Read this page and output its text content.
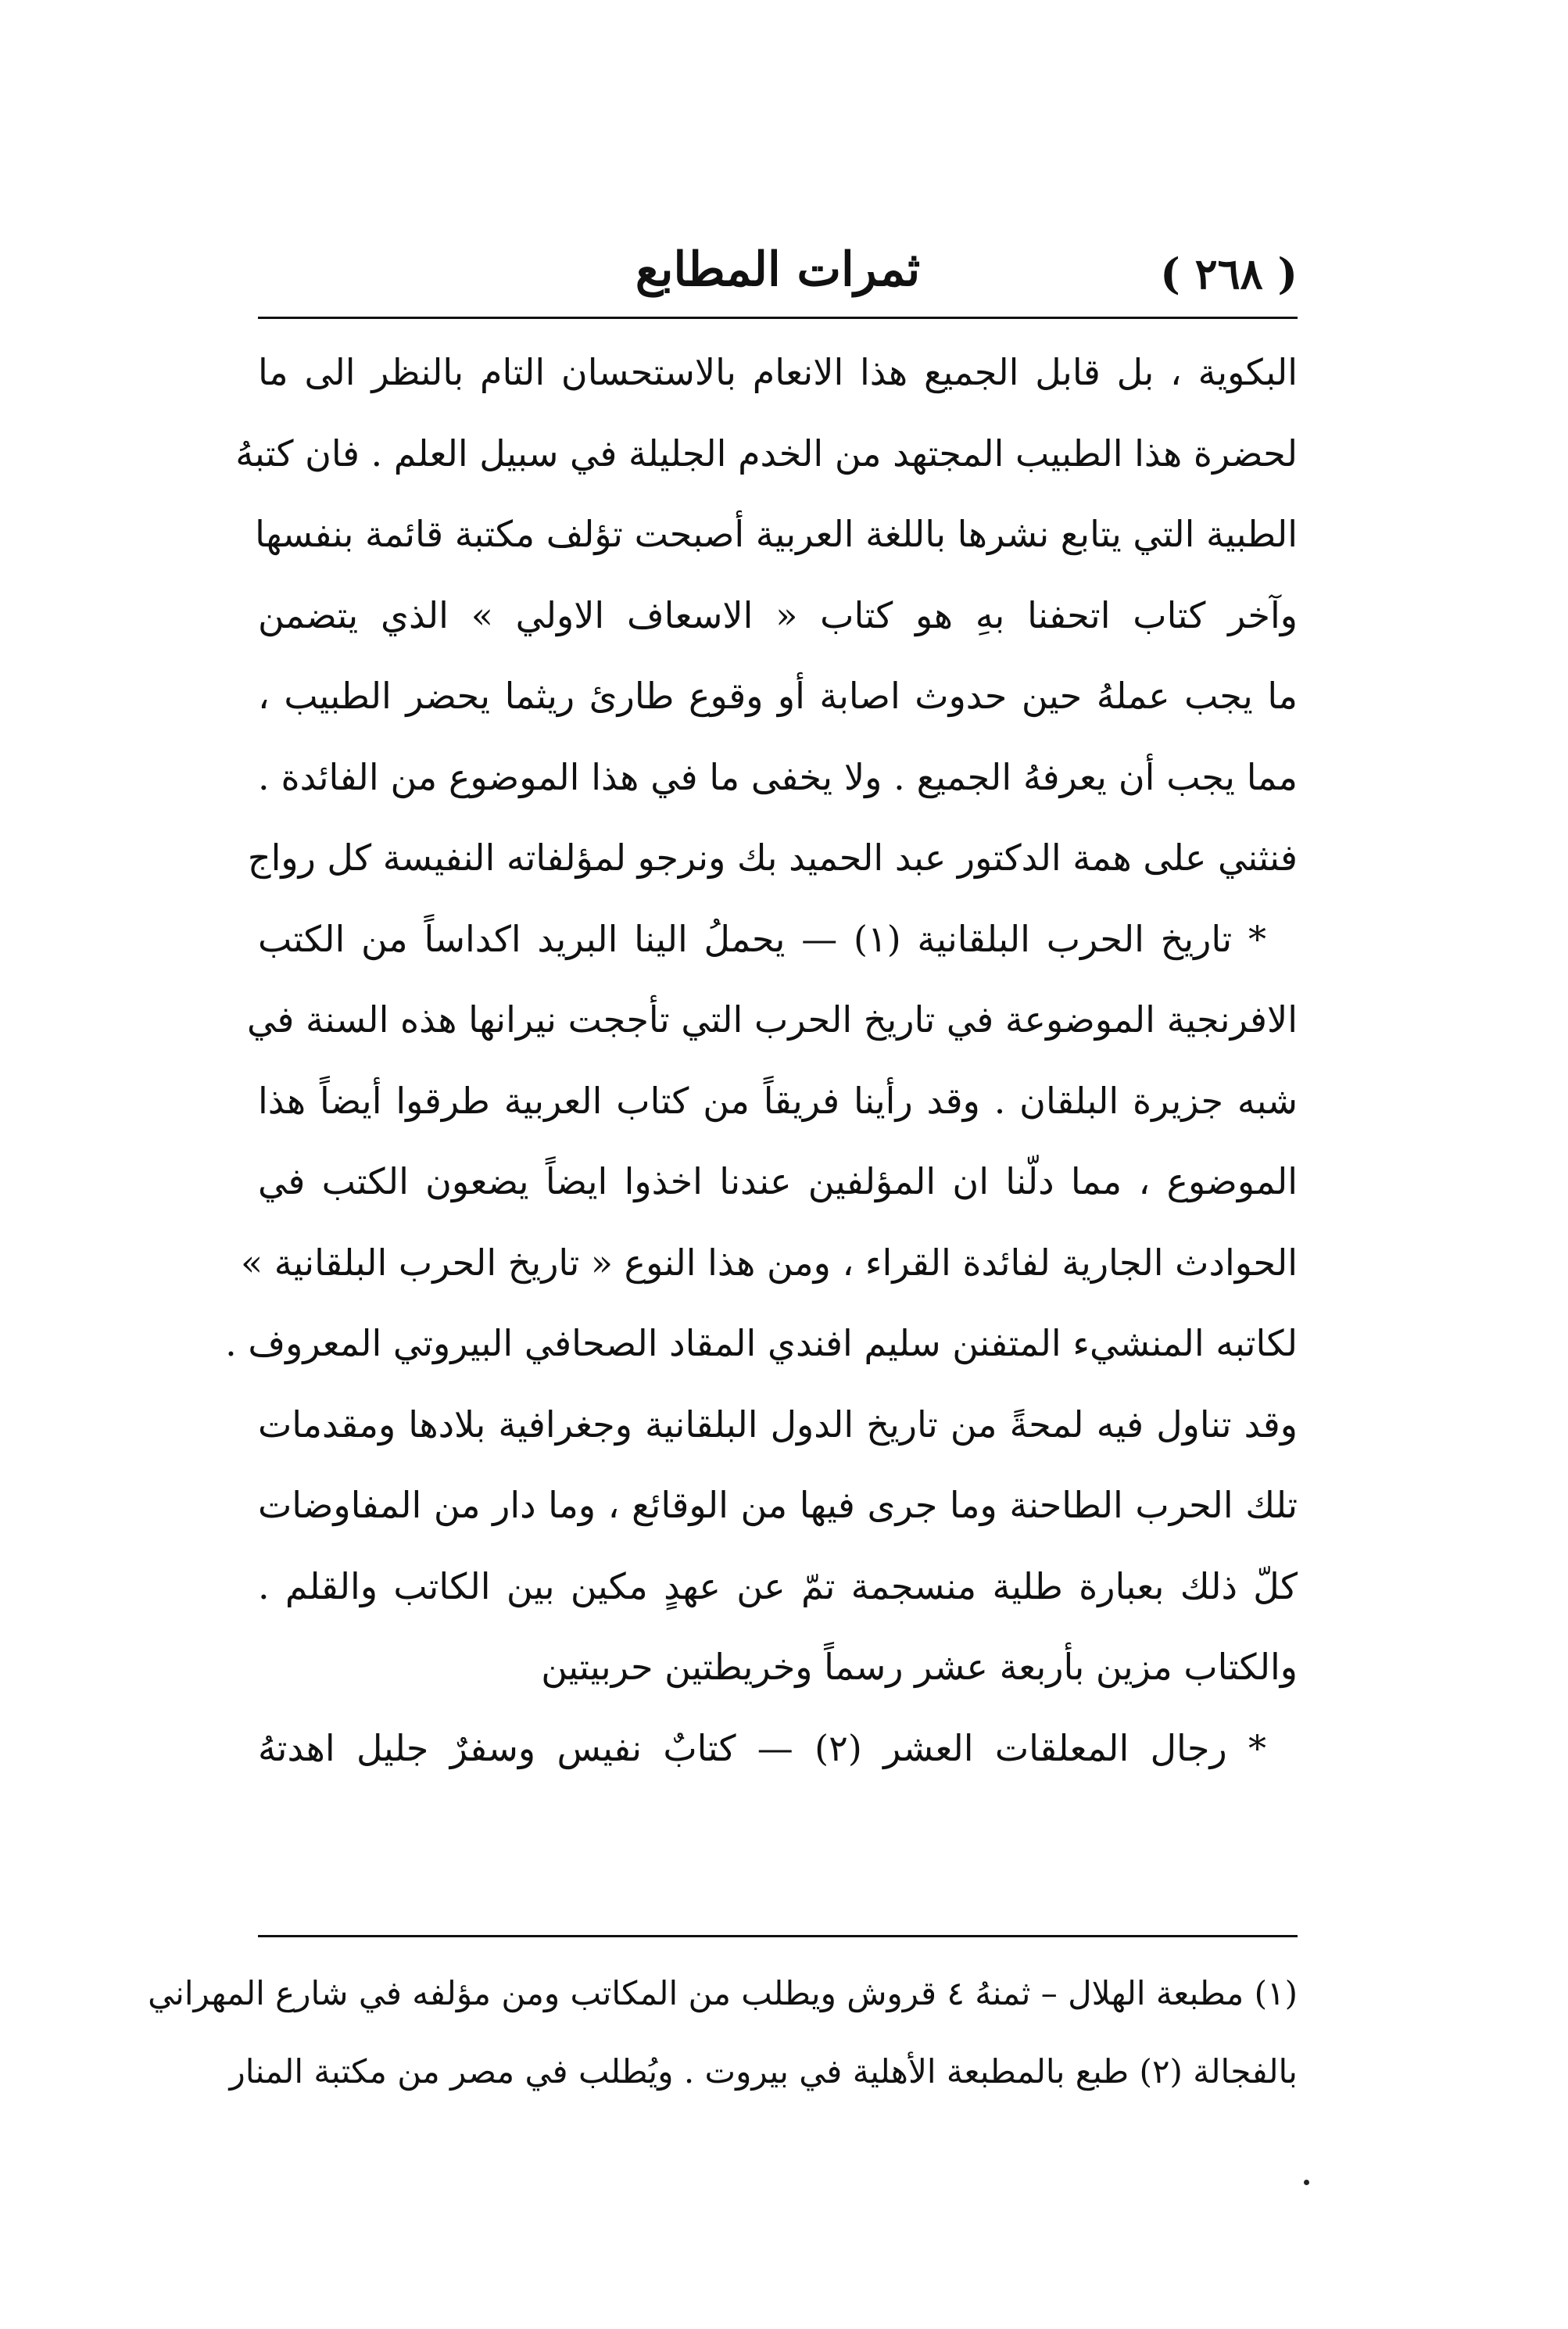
( ٢٦٨ )
ثمرات المطابع
البكوية ، بل قابل الجميع هذا الانعام بالاستحسان التام بالنظر الى ما
لحضرة هذا الطبيب المجتهد من الخدم الجليلة في سبيل العلم . فان كتبهُ
الطبية التي يتابع نشرها باللغة العربية أصبحت تؤلف مكتبة قائمة بنفسها
وآخر كتاب اتحفنا بهِ هو كتاب « الاسعاف الاولي » الذي يتضمن
ما يجب عملهُ حين حدوث اصابة أو وقوع طارئ ريثما يحضر الطبيب ،
مما يجب أن يعرفهُ الجميع . ولا يخفى ما في هذا الموضوع من الفائدة .
فنثني على همة الدكتور عبد الحميد بك ونرجو لمؤلفاته النفيسة كل رواج
* تاريخ الحرب البلقانية (١) — يحملُ الينا البريد اكداساً من الكتب
الافرنجية الموضوعة في تاريخ الحرب التي تأججت نيرانها هذه السنة في
شبه جزيرة البلقان . وقد رأينا فريقاً من كتاب العربية طرقوا أيضاً هذا
الموضوع ، مما دلّنا ان المؤلفين عندنا اخذوا ايضاً يضعون الكتب في
الحوادث الجارية لفائدة القراء ، ومن هذا النوع « تاريخ الحرب البلقانية »
لكاتبه المنشيء المتفنن سليم افندي المقاد الصحافي البيروتي المعروف .
وقد تناول فيه لمحةً من تاريخ الدول البلقانية وجغرافية بلادها ومقدمات
تلك الحرب الطاحنة وما جرى فيها من الوقائع ، وما دار من المفاوضات
كلّ ذلك بعبارة طلية منسجمة تمّ عن عهدٍ مكين بين الكاتب والقلم .
والكتاب مزين بأربعة عشر رسماً وخريطتين حربيتين
* رجال المعلقات العشر (٢) — كتابٌ نفيس وسفرٌ جليل اهدتهُ
(١) مطبعة الهلال – ثمنهُ ٤ قروش ويطلب من المكاتب ومن مؤلفه في شارع المهراني
بالفجالة (٢) طبع بالمطبعة الأهلية في بيروت . ويُطلب في مصر من مكتبة المنار
